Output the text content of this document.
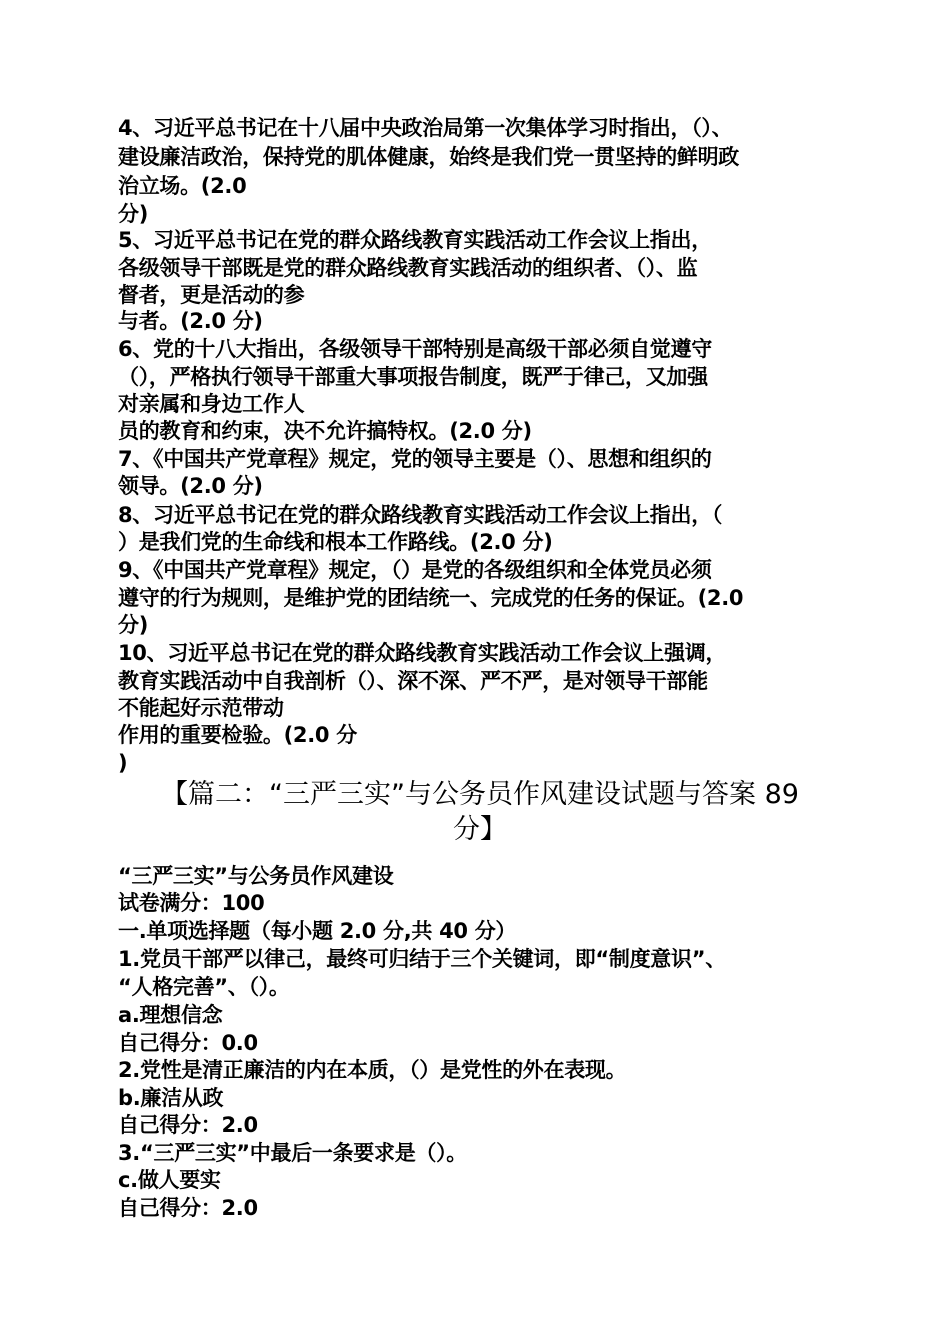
4、习近平总书记在十八届中央政治局第一次集体学习时指出，（）、
建设廉洁政治，保持党的肌体健康，始终是我们党一贯坚持的鲜明政
治立场。(2.0
分)
5、习近平总书记在党的群众路线教育实践活动工作会议上指出，
各级领导干部既是党的群众路线教育实践活动的组织者、（）、监
督者，更是活动的参
与者。(2.0 分)
6、党的十八大指出，各级领导干部特别是高级干部必须自觉遵守
（），严格执行领导干部重大事项报告制度，既严于律己，又加强
对亲属和身边工作人
员的教育和约束，决不允许搞特权。(2.0 分)
7、《中国共产党章程》规定，党的领导主要是（）、思想和组织的
领导。(2.0 分)
8、习近平总书记在党的群众路线教育实践活动工作会议上指出，（
）是我们党的生命线和根本工作路线。(2.0 分)
9、《中国共产党章程》规定，（）是党的各级组织和全体党员必须
遵守的行为规则，是维护党的团结统一、完成党的任务的保证。(2.0
分)
10、习近平总书记在党的群众路线教育实践活动工作会议上强调，
教育实践活动中自我剖析（）、深不深、严不严，是对领导干部能
不能起好示范带动
作用的重要检验。(2.0 分
)
【篇二：“三严三实”与公务员作风建设试题与答案 89
分】
“三严三实”与公务员作风建设
试卷满分：100
一.单项选择题（每小题 2.0 分,共 40 分）
1.党员干部严以律己，最终可归结于三个关键词，即“制度意识”、
“人格完善”、（）。
a.理想信念
自己得分：0.0
2.党性是清正廉洁的内在本质，（）是党性的外在表现。
b.廉洁从政
自己得分：2.0
3.“三严三实”中最后一条要求是（）。
c.做人要实
自己得分：2.0
